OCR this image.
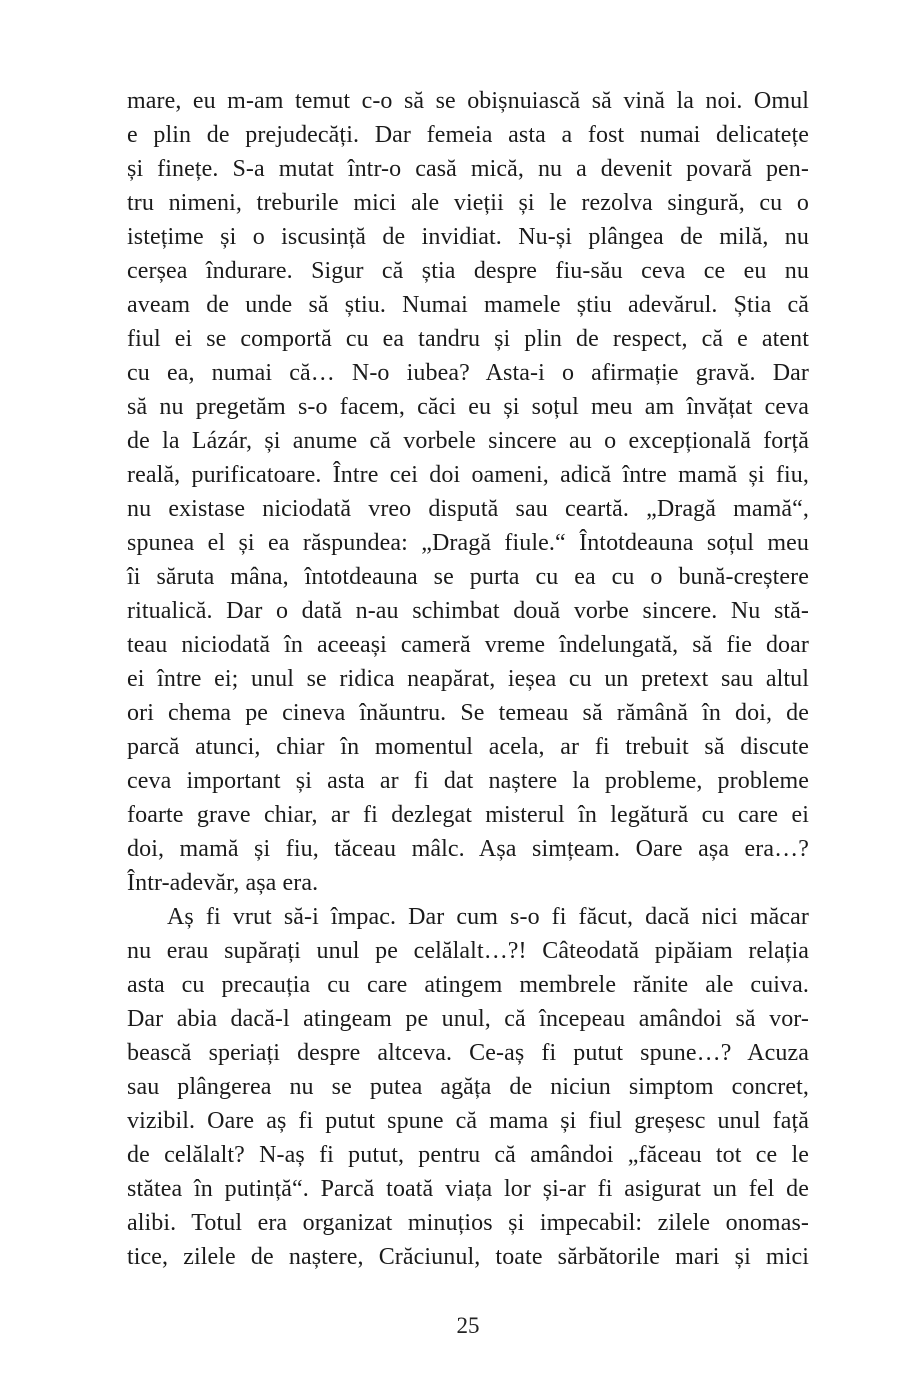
mare, eu m-am temut c-o să se obișnuiască să vină la noi. Omul
e plin de prejudecăți. Dar femeia asta a fost numai delicatețe
și finețe. S-a mutat într-o casă mică, nu a devenit povară pen-
tru nimeni, treburile mici ale vieții și le rezolva singură, cu o
istețime și o iscusință de invidiat. Nu-și plângea de milă, nu
cerșea îndurare. Sigur că știa despre fiu-său ceva ce eu nu
aveam de unde să știu. Numai mamele știu adevărul. Știa că
fiul ei se comportă cu ea tandru și plin de respect, că e atent
cu ea, numai că… N-o iubea? Asta-i o afirmație gravă. Dar
să nu pregetăm s-o facem, căci eu și soțul meu am învățat ceva
de la Lázár, și anume că vorbele sincere au o excepțională forță
reală, purificatoare. Între cei doi oameni, adică între mamă și fiu,
nu existase niciodată vreo dispută sau ceartă. „Dragă mamă“,
spunea el și ea răspundea: „Dragă fiule.“ Întotdeauna soțul meu
îi săruta mâna, întotdeauna se purta cu ea cu o bună-creștere
ritualică. Dar o dată n-au schimbat două vorbe sincere. Nu stă-
teau niciodată în aceeași cameră vreme îndelungată, să fie doar
ei între ei; unul se ridica neapărat, ieșea cu un pretext sau altul
ori chema pe cineva înăuntru. Se temeau să rămână în doi, de
parcă atunci, chiar în momentul acela, ar fi trebuit să discute
ceva important și asta ar fi dat naștere la probleme, probleme
foarte grave chiar, ar fi dezlegat misterul în legătură cu care ei
doi, mamă și fiu, tăceau mâlc. Așa simțeam. Oare așa era…?
Într-adevăr, așa era.
Aș fi vrut să-i împac. Dar cum s-o fi făcut, dacă nici măcar
nu erau supărați unul pe celălalt…?! Câteodată pipăiam relația
asta cu precauția cu care atingem membrele rănite ale cuiva.
Dar abia dacă-l atingeam pe unul, că începeau amândoi să vor-
bească speriați despre altceva. Ce-aș fi putut spune…? Acuza
sau plângerea nu se putea agăța de niciun simptom concret,
vizibil. Oare aș fi putut spune că mama și fiul greșesc unul față
de celălalt? N-aș fi putut, pentru că amândoi „făceau tot ce le
stătea în putință“. Parcă toată viața lor și-ar fi asigurat un fel de
alibi. Totul era organizat minuțios și impecabil: zilele onomas-
tice, zilele de naștere, Crăciunul, toate sărbătorile mari și mici
25
